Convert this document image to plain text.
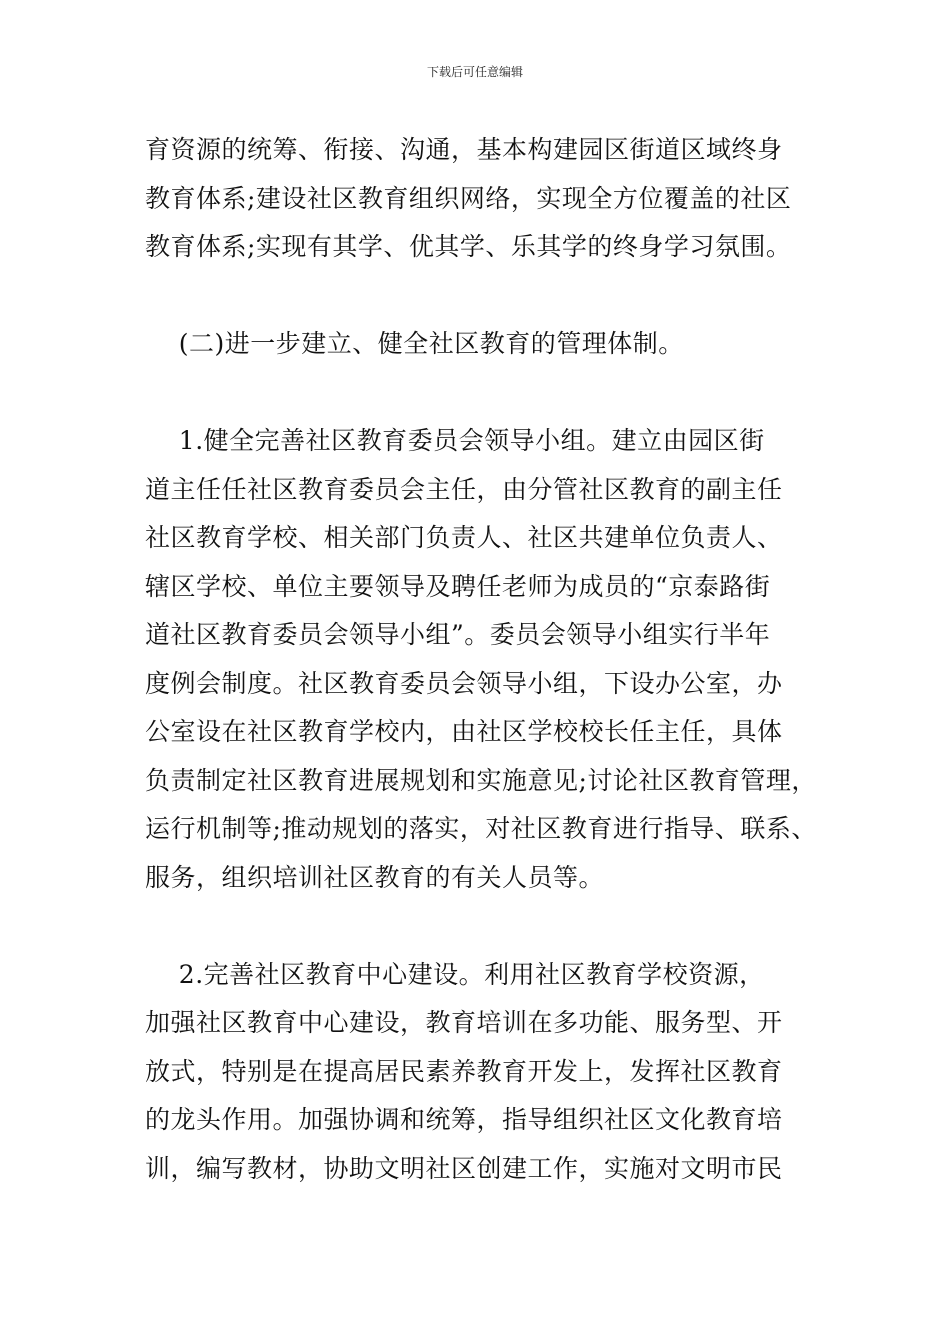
下载后可任意编辑
育资源的统筹、衔接、沟通，基本构建园区街道区域终身
教育体系;建设社区教育组织网络，实现全方位覆盖的社区
教育体系;实现有其学、优其学、乐其学的终身学习氛围。
(二)进一步建立、健全社区教育的管理体制。
1.健全完善社区教育委员会领导小组。建立由园区街
道主任任社区教育委员会主任，由分管社区教育的副主任
社区教育学校、相关部门负责人、社区共建单位负责人、
辖区学校、单位主要领导及聘任老师为成员的“京泰路街
道社区教育委员会领导小组”。委员会领导小组实行半年
度例会制度。社区教育委员会领导小组，下设办公室，办
公室设在社区教育学校内，由社区学校校长任主任，具体
负责制定社区教育进展规划和实施意见;讨论社区教育管理，
运行机制等;推动规划的落实，对社区教育进行指导、联系、
服务，组织培训社区教育的有关人员等。
2.完善社区教育中心建设。利用社区教育学校资源，
加强社区教育中心建设，教育培训在多功能、服务型、开
放式，特别是在提高居民素养教育开发上，发挥社区教育
的龙头作用。加强协调和统筹，指导组织社区文化教育培
训，编写教材，协助文明社区创建工作，实施对文明市民
